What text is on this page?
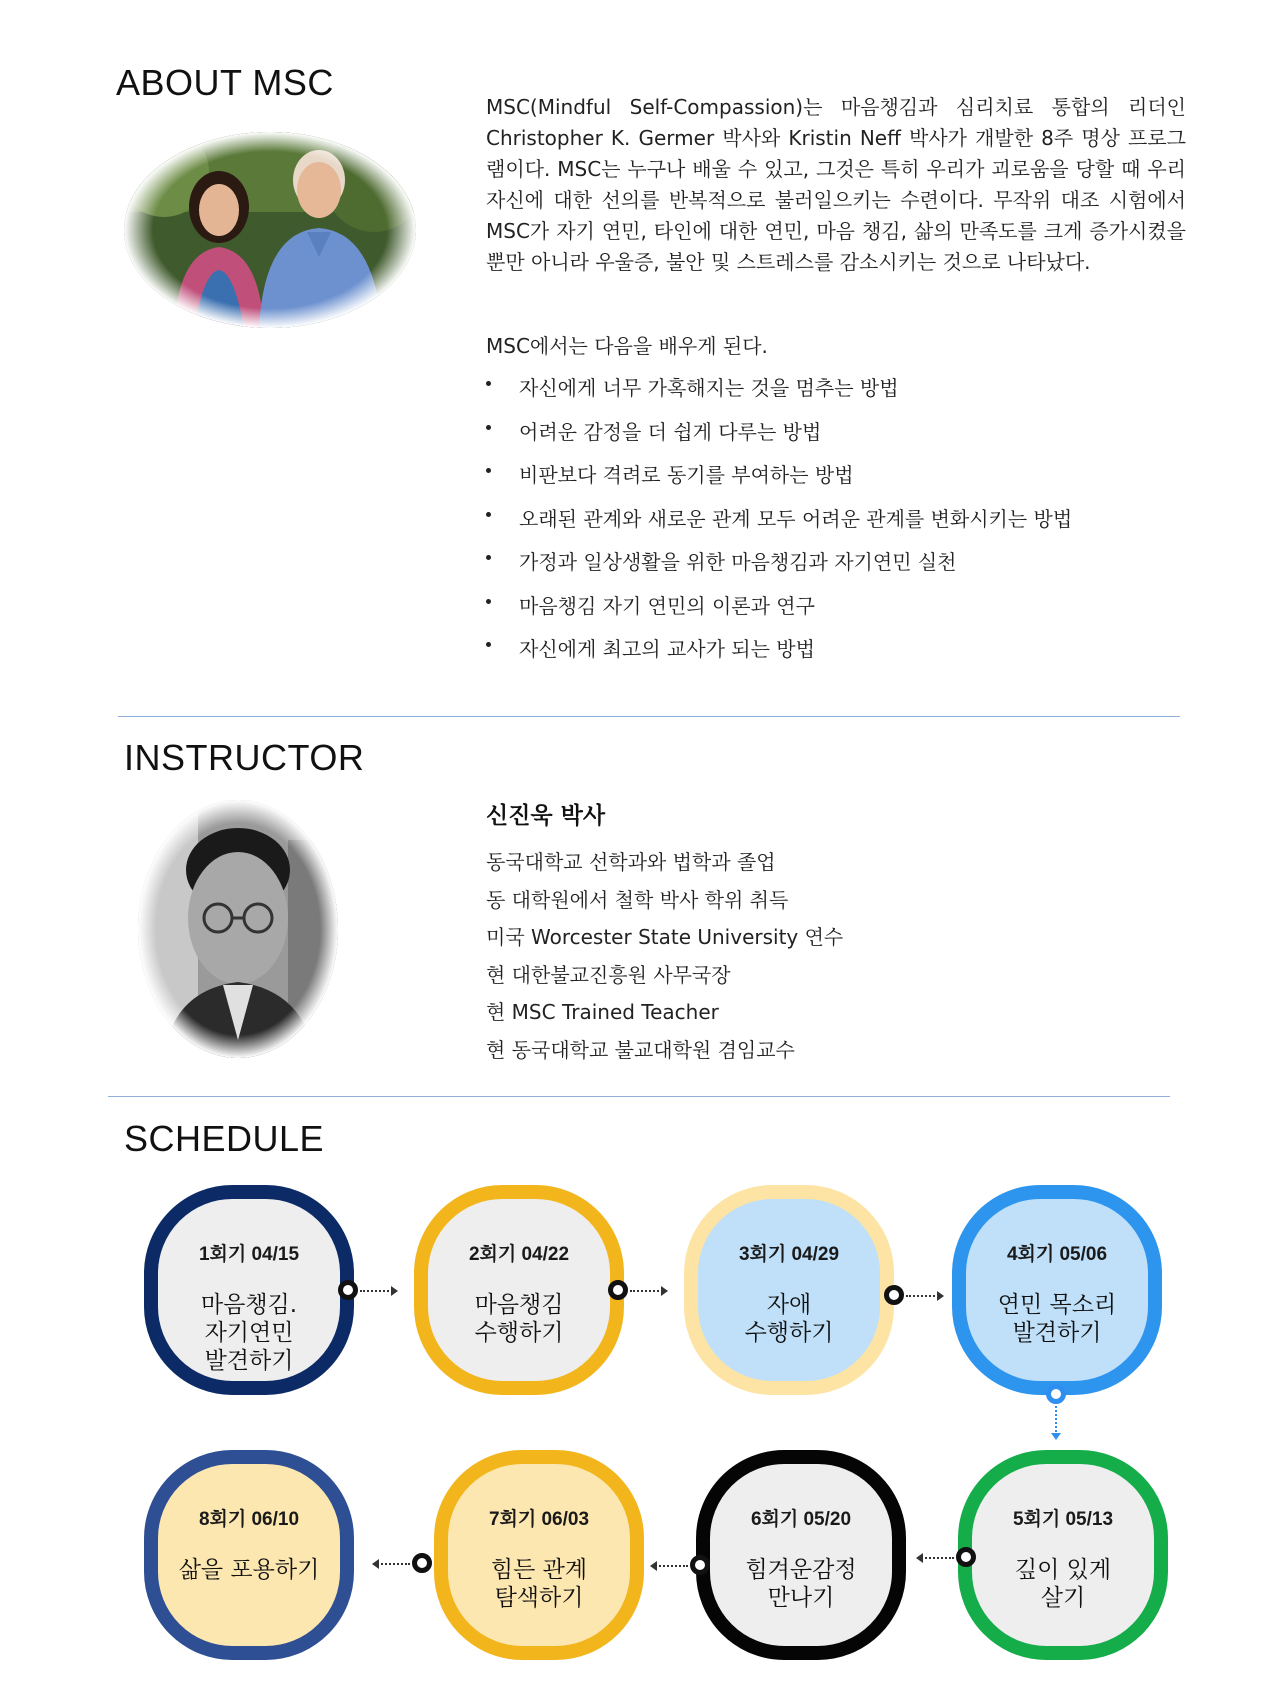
ABOUT MSC

MSC(Mindful Self-Compassion)는 마음챙김과 심리치료 통합의 리더인 Christopher K. Germer 박사와 Kristin Neff 박사가 개발한 8주 명상 프로그램이다. MSC는 누구나 배울 수 있고, 그것은 특히 우리가 괴로움을 당할 때 우리 자신에 대한 선의를 반복적으로 불러일으키는 수련이다. 무작위 대조 시험에서 MSC가 자기 연민, 타인에 대한 연민, 마음 챙김, 삶의 만족도를 크게 증가시켰을 뿐만 아니라 우울증, 불안 및 스트레스를 감소시키는 것으로 나타났다.

MSC에서는 다음을 배우게 된다.

자신에게 너무 가혹해지는 것을 멈추는 방법
어려운 감정을 더 쉽게 다루는 방법
비판보다 격려로 동기를 부여하는 방법
오래된 관계와 새로운 관계 모두 어려운 관계를 변화시키는 방법
가정과 일상생활을 위한 마음챙김과 자기연민 실천
마음챙김 자기 연민의 이론과 연구
자신에게 최고의 교사가 되는 방법
INSTRUCTOR

신진욱 박사

동국대학교 선학과와 법학과 졸업
동 대학원에서 철학 박사 학위 취득
미국 Worcester State University 연수
현 대한불교진흥원 사무국장
현 MSC Trained Teacher
현 동국대학교 불교대학원 겸임교수
SCHEDULE
1회기 04/15
마음챙김.
자기연민
발견하기
2회기 04/22
마음챙김
수행하기
3회기 04/29
자애
수행하기
4회기 05/06
연민 목소리
발견하기
5회기 05/13
깊이 있게
살기
6회기 05/20
힘겨운감정
만나기
7회기 06/03
힘든 관계
탐색하기
8회기 06/10
삶을 포용하기
